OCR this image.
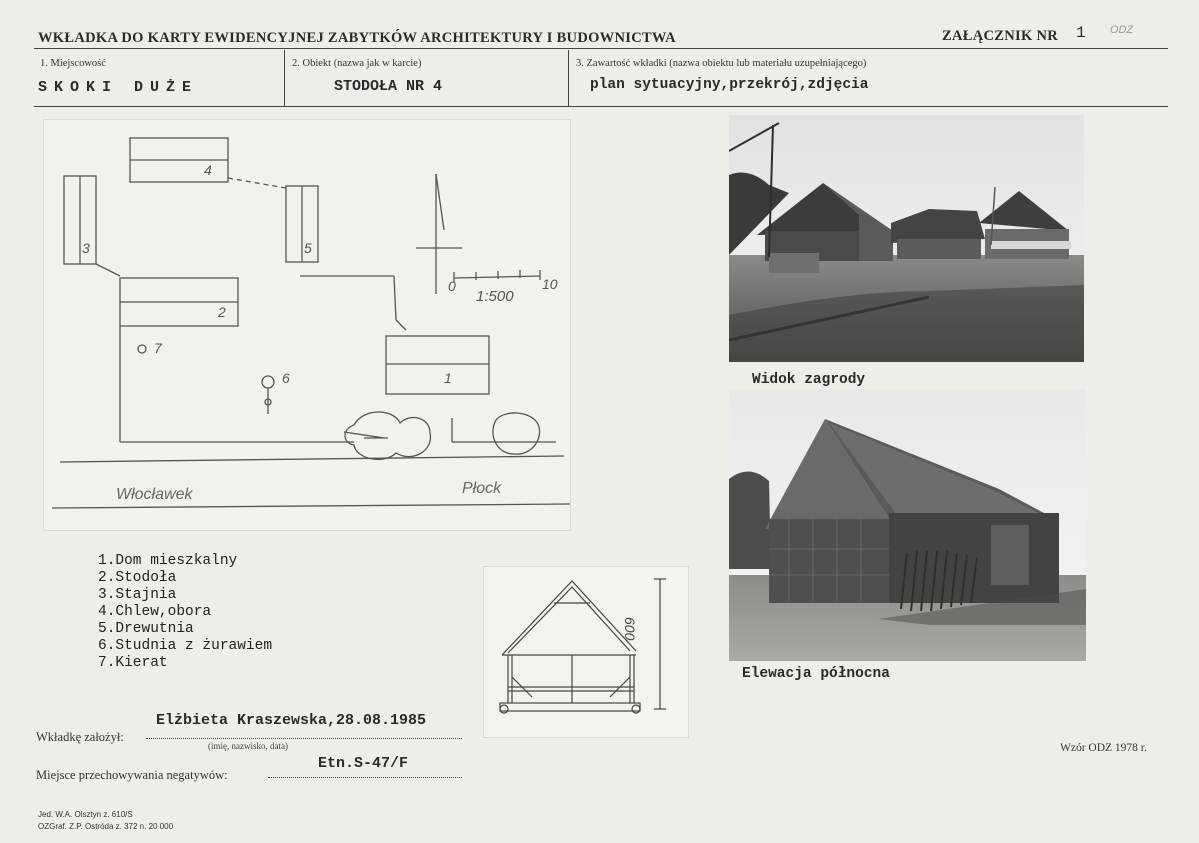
WKŁADKA DO KARTY EWIDENCYJNEJ ZABYTKÓW ARCHITEKTURY I BUDOWNICTWA	ZAŁĄCZNIK NR 1 ODZ
1. Miejscowość
SKOKI DUŻE
2. Obiekt (nazwa jak w karcie)
STODOŁA NR 4
3. Zawartość wkładki (nazwa obiektu lub materiału uzupełniającego)
plan sytuacyjny,przekrój,zdjęcia
4
5
3
2
1
6
7
0	10
1:500
Włocławek	Płock
1.Dom mieszkalny
2.Stodoła
3.Stajnia
4.Chlew,obora
5.Drewutnia
6.Studnia z żurawiem
7.Kierat
600
Widok zagrody
Elewacja północna
Wkładkę założył:
Elżbieta Kraszewska,28.08.1985
(imię, nazwisko, data)
Miejsce przechowywania negatywów:
Etn.S-47/F
Wzór ODZ 1978 r.
Jed. W.A. Olsztyn z. 610/S
OZGraf. Z.P. Ostróda z. 372 n. 20 000
